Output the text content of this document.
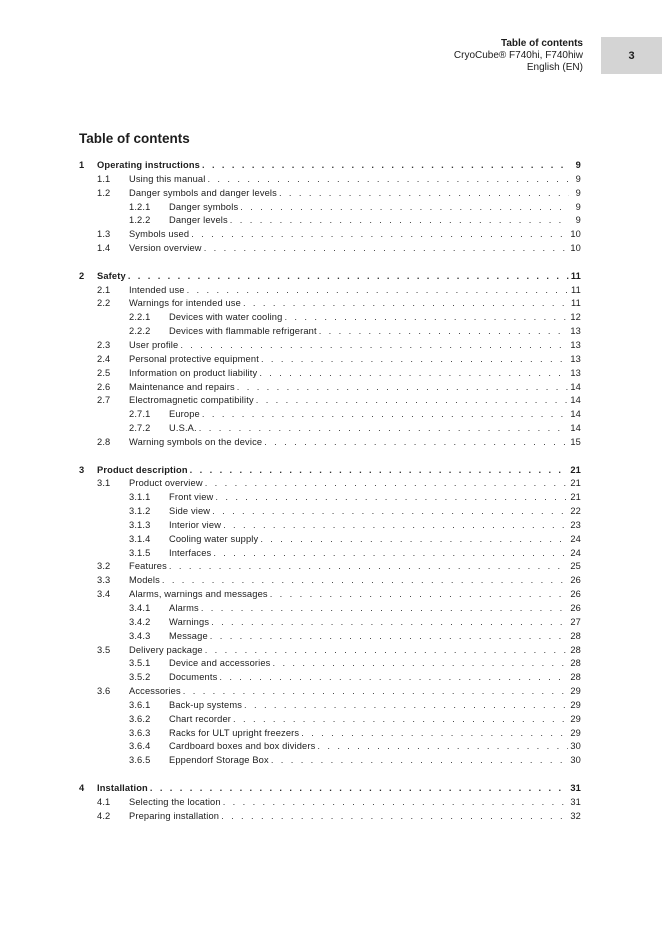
Table of contents
CryoCube® F740hi, F740hiw
English (EN)
3
Table of contents
1	Operating instructions . . .	9
1.1	Using this manual . . .	9
1.2	Danger symbols and danger levels . . .	9
1.2.1	Danger symbols . . .	9
1.2.2	Danger levels . . .	9
1.3	Symbols used . . .	10
1.4	Version overview . . .	10
2	Safety . . .	11
2.1	Intended use . . .	11
2.2	Warnings for intended use . . .	11
2.2.1	Devices with water cooling . . .	12
2.2.2	Devices with flammable refrigerant . . .	13
2.3	User profile . . .	13
2.4	Personal protective equipment . . .	13
2.5	Information on product liability . . .	13
2.6	Maintenance and repairs . . .	14
2.7	Electromagnetic compatibility . . .	14
2.7.1	Europe . . .	14
2.7.2	U.S.A. . . .	14
2.8	Warning symbols on the device . . .	15
3	Product description . . .	21
3.1	Product overview . . .	21
3.1.1	Front view . . .	21
3.1.2	Side view . . .	22
3.1.3	Interior view . . .	23
3.1.4	Cooling water supply . . .	24
3.1.5	Interfaces . . .	24
3.2	Features . . .	25
3.3	Models . . .	26
3.4	Alarms, warnings and messages . . .	26
3.4.1	Alarms . . .	26
3.4.2	Warnings . . .	27
3.4.3	Message . . .	28
3.5	Delivery package . . .	28
3.5.1	Device and accessories . . .	28
3.5.2	Documents . . .	28
3.6	Accessories . . .	29
3.6.1	Back-up systems . . .	29
3.6.2	Chart recorder . . .	29
3.6.3	Racks for ULT upright freezers . . .	29
3.6.4	Cardboard boxes and box dividers . . .	30
3.6.5	Eppendorf Storage Box . . .	30
4	Installation . . .	31
4.1	Selecting the location . . .	31
4.2	Preparing installation . . .	32
